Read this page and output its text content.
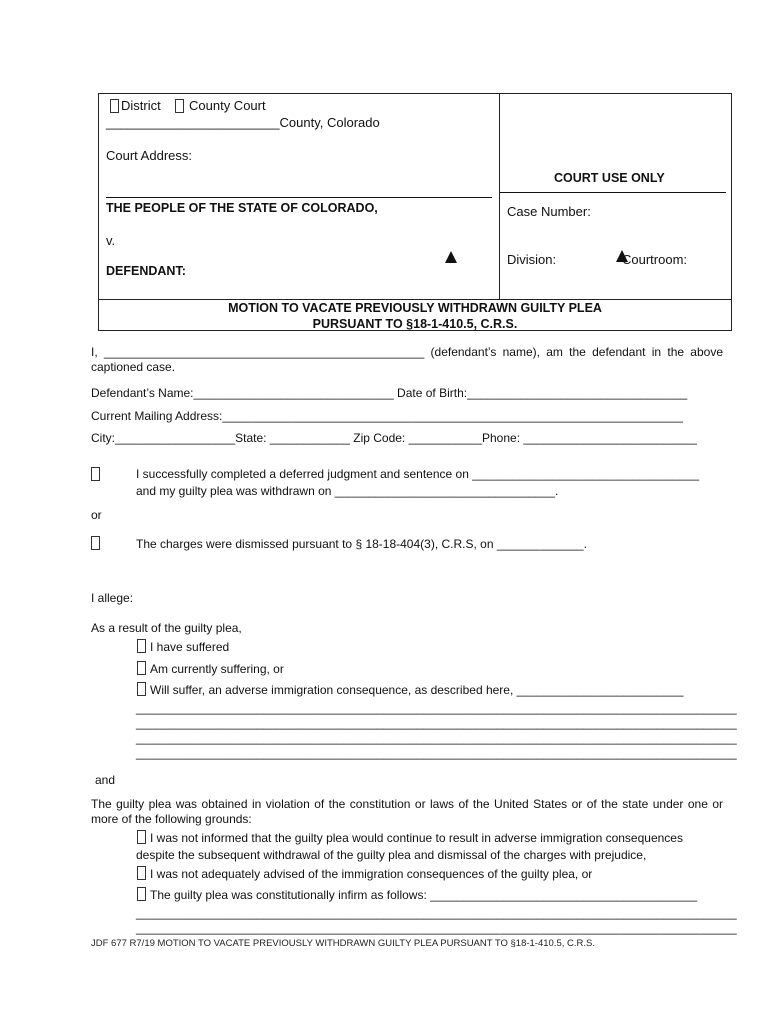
District County Court
________________________County, Colorado
Court Address:
THE PEOPLE OF THE STATE OF COLORADO,
v.
DEFENDANT:
COURT USE ONLY
Case Number:
Division:	Courtroom:
MOTION TO VACATE PREVIOUSLY WITHDRAWN GUILTY PLEA
PURSUANT TO §18-1-410.5, C.R.S.
I, ________________________________________________ (defendant’s name), am the defendant in the above captioned case.
Defendant’s Name:______________________________ Date of Birth:_________________________________
Current Mailing Address:_____________________________________________________________________
City:__________________State: ____________ Zip Code: ___________Phone: __________________________
I successfully completed a deferred judgment and sentence on __________________________________
and my guilty plea was withdrawn on _________________________________.
or
The charges were dismissed pursuant to § 18-18-404(3), C.R.S, on _____________.
I allege:
As a result of the guilty plea,
I have suffered
Am currently suffering, or
Will suffer, an adverse immigration consequence, as described here, _________________________
__________________________________________________________________________________________
__________________________________________________________________________________________
__________________________________________________________________________________________
__________________________________________________________________________________________
and
The guilty plea was obtained in violation of the constitution or laws of the United States or of the state under one or more of the following grounds:
I was not informed that the guilty plea would continue to result in adverse immigration consequences
despite the subsequent withdrawal of the guilty plea and dismissal of the charges with prejudice,
I was not adequately advised of the immigration consequences of the guilty plea, or
The guilty plea was constitutionally infirm as follows: ________________________________________
__________________________________________________________________________________________
__________________________________________________________________________________________
JDF 677 R7/19 MOTION TO VACATE PREVIOUSLY WITHDRAWN GUILTY PLEA PURSUANT TO §18-1-410.5, C.R.S.
